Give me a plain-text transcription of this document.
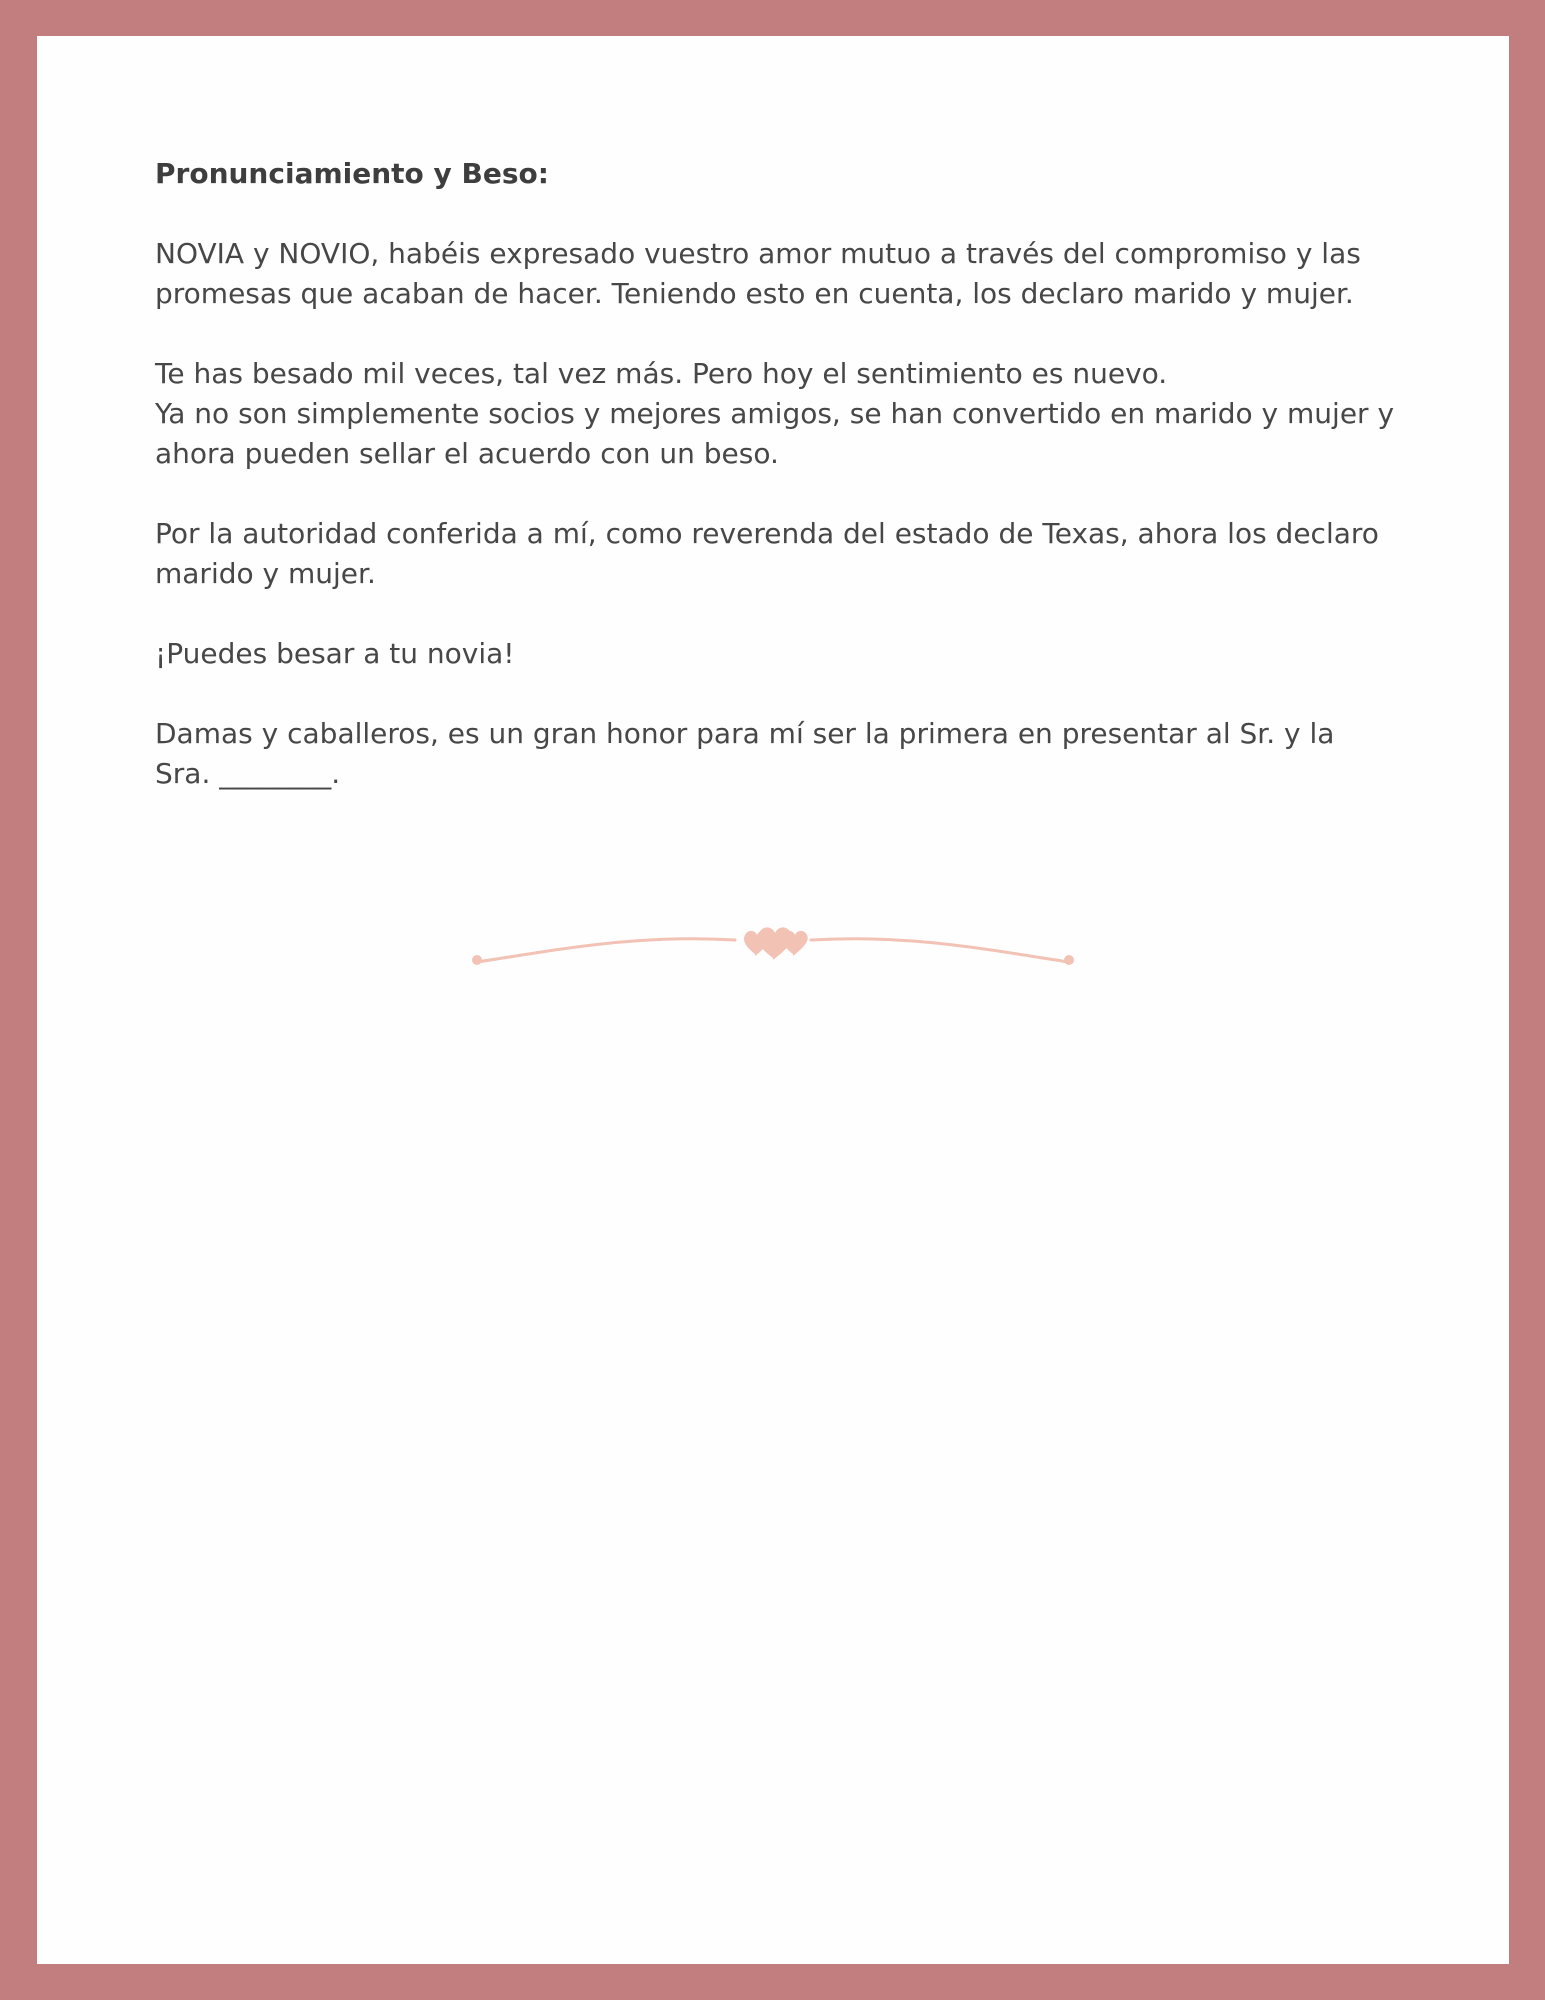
Pronunciamiento y Beso:
NOVIA y NOVIO, habéis expresado vuestro amor mutuo a través del compromiso y las promesas que acaban de hacer. Teniendo esto en cuenta, los declaro marido y mujer.
Te has besado mil veces, tal vez más. Pero hoy el sentimiento es nuevo.
Ya no son simplemente socios y mejores amigos, se han convertido en marido y mujer y ahora pueden sellar el acuerdo con un beso.
Por la autoridad conferida a mí, como reverenda del estado de Texas, ahora los declaro marido y mujer.
¡Puedes besar a tu novia!
Damas y caballeros, es un gran honor para mí ser la primera en presentar al Sr. y la Sra. ________.
